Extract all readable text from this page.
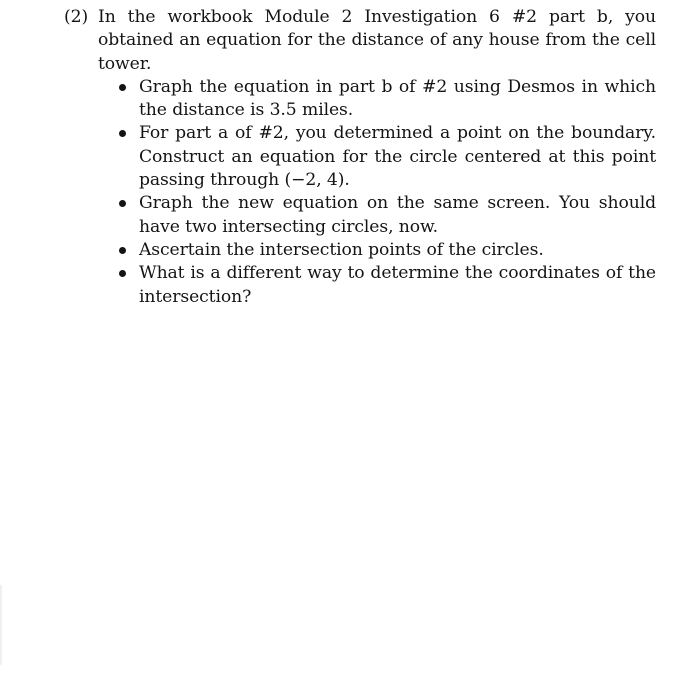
(2) In the workbook Module 2 Investigation 6 #2 part b, you obtained an equation for the distance of any house from the cell tower.
Graph the equation in part b of #2 using Desmos in which the distance is 3.5 miles.
For part a of #2, you determined a point on the boundary. Construct an equation for the circle centered at this point passing through (−2, 4).
Graph the new equation on the same screen. You should have two intersecting circles, now.
Ascertain the intersection points of the circles.
What is a different way to determine the coordinates of the intersection?
